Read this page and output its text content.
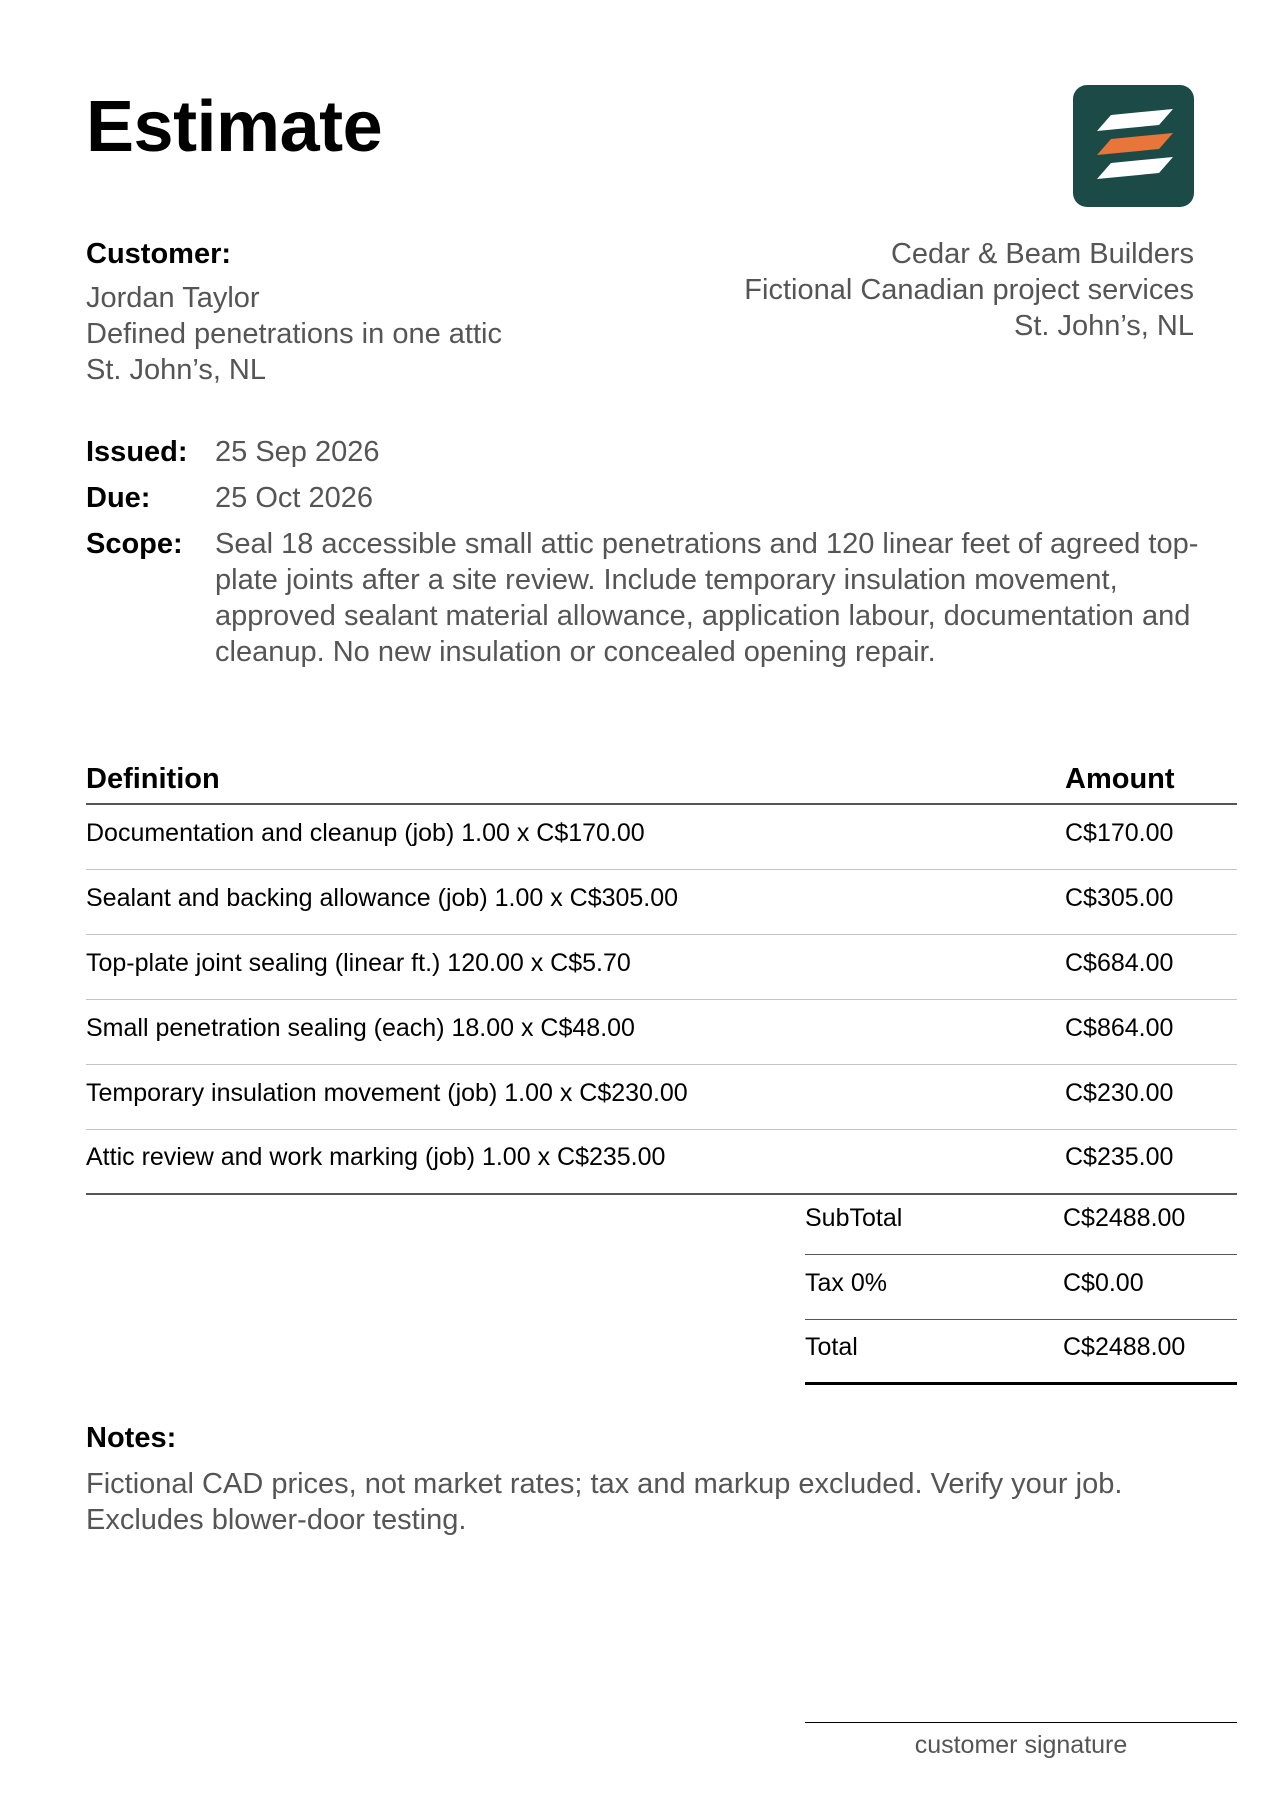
Estimate
Customer:
Jordan Taylor
Defined penetrations in one attic
St. John’s, NL
Cedar & Beam Builders
Fictional Canadian project services
St. John’s, NL
Issued: 25 Sep 2026
Due:	25 Oct 2026
Scope:	Seal 18 accessible small attic penetrations and 120 linear feet of agreed top-plate joints after a site review. Include temporary insulation movement, approved sealant material allowance, application labour, documentation and cleanup. No new insulation or concealed opening repair.
Definition	Amount
Documentation and cleanup (job) 1.00 x C$170.00	C$170.00
Sealant and backing allowance (job) 1.00 x C$305.00	C$305.00
Top-plate joint sealing (linear ft.) 120.00 x C$5.70	C$684.00
Small penetration sealing (each) 18.00 x C$48.00	C$864.00
Temporary insulation movement (job) 1.00 x C$230.00	C$230.00
Attic review and work marking (job) 1.00 x C$235.00	C$235.00
SubTotal	C$2488.00
Tax 0%	C$0.00
Total	C$2488.00
Notes:
Fictional CAD prices, not market rates; tax and markup excluded. Verify your job.
Excludes blower-door testing.
customer signature
